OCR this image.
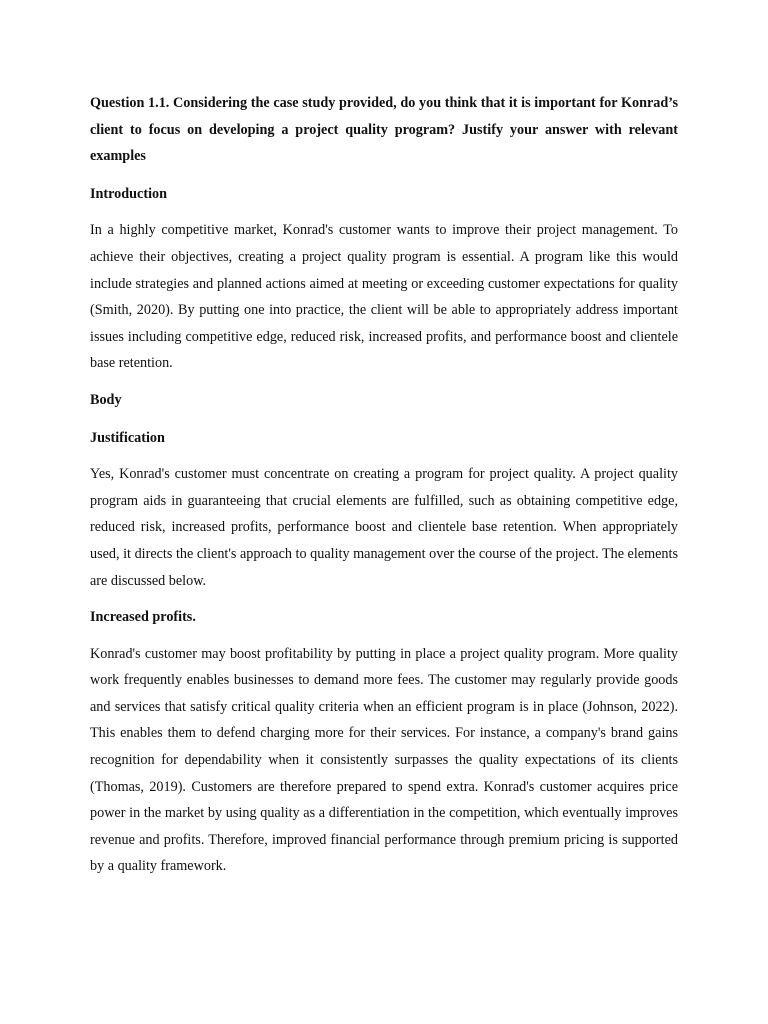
Question 1.1. Considering the case study provided, do you think that it is important for Konrad’s client to focus on developing a project quality program? Justify your answer with relevant examples

Introduction

In a highly competitive market, Konrad's customer wants to improve their project management. To achieve their objectives, creating a project quality program is essential. A program like this would include strategies and planned actions aimed at meeting or exceeding customer expectations for quality (Smith, 2020). By putting one into practice, the client will be able to appropriately address important issues including competitive edge, reduced risk, increased profits, and performance boost and clientele base retention.

Body

Justification

Yes, Konrad's customer must concentrate on creating a program for project quality. A project quality program aids in guaranteeing that crucial elements are fulfilled, such as obtaining competitive edge, reduced risk, increased profits, performance boost and clientele base retention. When appropriately used, it directs the client's approach to quality management over the course of the project. The elements are discussed below.

Increased profits.

Konrad's customer may boost profitability by putting in place a project quality program. More quality work frequently enables businesses to demand more fees. The customer may regularly provide goods and services that satisfy critical quality criteria when an efficient program is in place (Johnson, 2022). This enables them to defend charging more for their services. For instance, a company's brand gains recognition for dependability when it consistently surpasses the quality expectations of its clients (Thomas, 2019). Customers are therefore prepared to spend extra. Konrad's customer acquires price power in the market by using quality as a differentiation in the competition, which eventually improves revenue and profits. Therefore, improved financial performance through premium pricing is supported by a quality framework.
